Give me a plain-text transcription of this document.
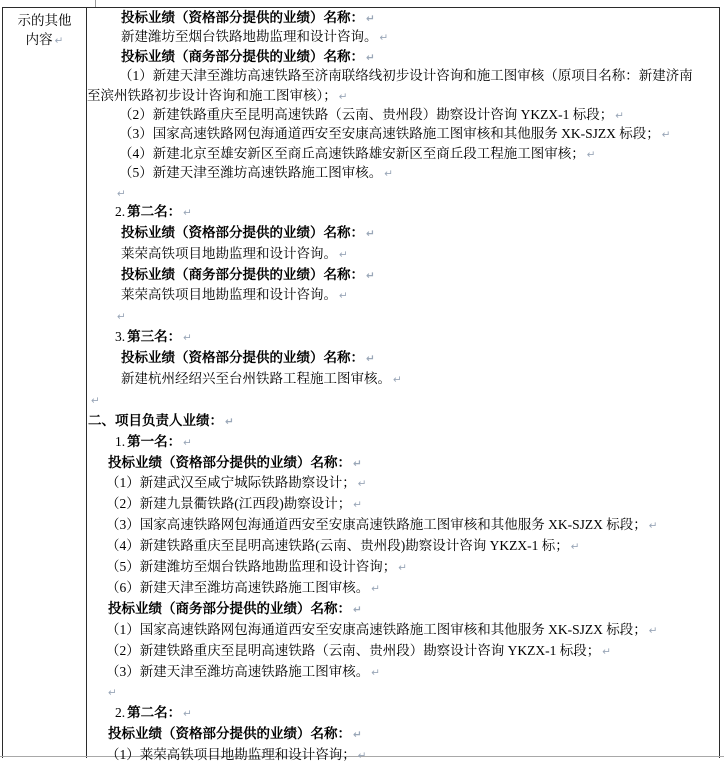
示的其他
内容 ↵
投标业绩（资格部分提供的业绩）名称： ↵
新建潍坊至烟台铁路地勘监理和设计咨询。 ↵
投标业绩（商务部分提供的业绩）名称： ↵
（1）新建天津至潍坊高速铁路至济南联络线初步设计咨询和施工图审核（原项目名称：新建济南
至滨州铁路初步设计咨询和施工图审核）； ↵
（2）新建铁路重庆至昆明高速铁路（云南、贵州段）勘察设计咨询 YKZX-1 标段； ↵
（3）国家高速铁路网包海通道西安至安康高速铁路施工图审核和其他服务 XK-SJZX 标段； ↵
（4）新建北京至雄安新区至商丘高速铁路雄安新区至商丘段工程施工图审核； ↵
（5）新建天津至潍坊高速铁路施工图审核。 ↵
↵
2. 第二名： ↵
投标业绩（资格部分提供的业绩）名称： ↵
莱荣高铁项目地勘监理和设计咨询。 ↵
投标业绩（商务部分提供的业绩）名称： ↵
莱荣高铁项目地勘监理和设计咨询。 ↵
↵
3. 第三名： ↵
投标业绩（资格部分提供的业绩）名称： ↵
新建杭州经绍兴至台州铁路工程施工图审核。 ↵
↵
二、项目负责人业绩： ↵
1. 第一名： ↵
投标业绩（资格部分提供的业绩）名称： ↵
（1）新建武汉至咸宁城际铁路勘察设计； ↵
（2）新建九景衢铁路(江西段)勘察设计； ↵
（3）国家高速铁路网包海通道西安至安康高速铁路施工图审核和其他服务 XK-SJZX 标段； ↵
（4）新建铁路重庆至昆明高速铁路(云南、贵州段)勘察设计咨询 YKZX-1 标； ↵
（5）新建潍坊至烟台铁路地勘监理和设计咨询； ↵
（6）新建天津至潍坊高速铁路施工图审核。 ↵
投标业绩（商务部分提供的业绩）名称： ↵
（1）国家高速铁路网包海通道西安至安康高速铁路施工图审核和其他服务 XK-SJZX 标段； ↵
（2）新建铁路重庆至昆明高速铁路（云南、贵州段）勘察设计咨询 YKZX-1 标段； ↵
（3）新建天津至潍坊高速铁路施工图审核。 ↵
↵
2. 第二名： ↵
投标业绩（资格部分提供的业绩）名称： ↵
（1）莱荣高铁项目地勘监理和设计咨询； ↵
